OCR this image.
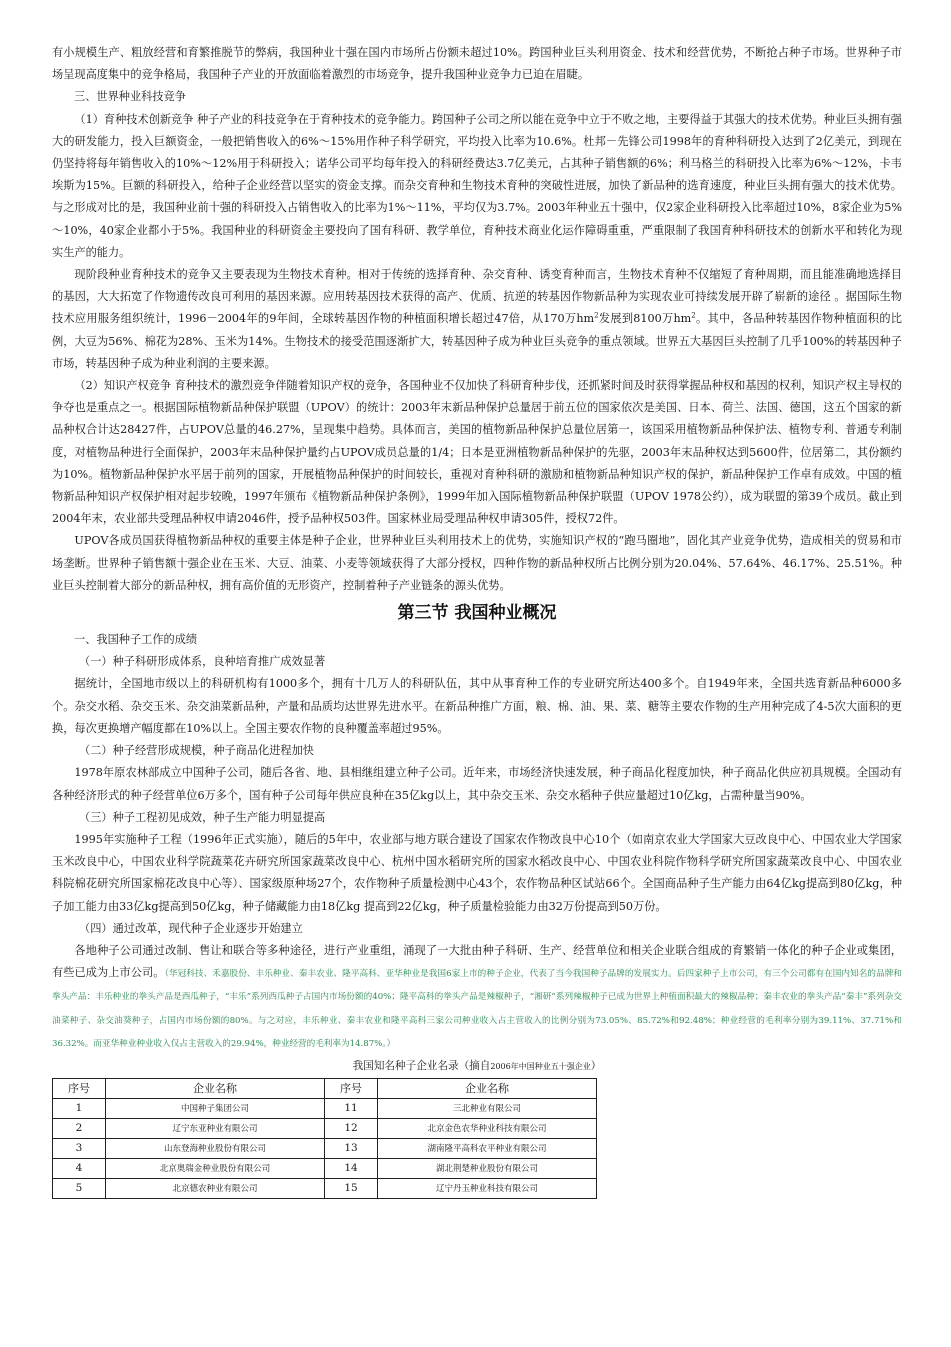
有小规模生产、粗放经营和育繁推脱节的弊病，我国种业十强在国内市场所占份额未超过10%。跨国种业巨头利用资金、技术和经营优势，不断抢占种子市场。世界种子市场呈现高度集中的竞争格局，我国种子产业的开放面临着激烈的市场竞争，提升我国种业竞争力已迫在眉睫。

三、世界种业科技竞争

（1）育种技术创新竞争 种子产业的科技竞争在于育种技术的竞争能力。跨国种子公司之所以能在竞争中立于不败之地，主要得益于其强大的技术优势。种业巨头拥有强大的研发能力，投入巨额资金，一般把销售收入的6%～15%用作种子科学研究，平均投入比率为10.6%。杜邦－先锋公司1998年的育种科研投入达到了2亿美元，到现在仍坚持将每年销售收入的10%～12%用于科研投入；诺华公司平均每年投入的科研经费达3.7亿美元，占其种子销售额的6%；利马格兰的科研投入比率为6%～12%，卡韦埃斯为15%。巨额的科研投入，给种子企业经营以坚实的资金支撑。而杂交育种和生物技术育种的突破性进展，加快了新品种的选育速度，种业巨头拥有强大的技术优势。与之形成对比的是，我国种业前十强的科研投入占销售收入的比率为1%～11%，平均仅为3.7%。2003年种业五十强中，仅2家企业科研投入比率超过10%，8家企业为5%～10%，40家企业都小于5%。我国种业的科研资金主要投向了国有科研、教学单位，育种技术商业化运作障碍重重，严重限制了我国育种科研技术的创新水平和转化为现实生产的能力。

现阶段种业育种技术的竞争又主要表现为生物技术育种。相对于传统的选择育种、杂交育种、诱变育种而言，生物技术育种不仅缩短了育种周期，而且能准确地选择目的基因，大大拓宽了作物遗传改良可利用的基因来源。应用转基因技术获得的高产、优质、抗逆的转基因作物新品种为实现农业可持续发展开辟了崭新的途径 。据国际生物技术应用服务组织统计，1996－2004年的9年间，全球转基因作物的种植面积增长超过47倍，从170万$hm^2$发展到8100万$hm^2$。其中，各品种转基因作物种植面积的比例，大豆为56%、棉花为28%、玉米为14%。生物技术的接受范围逐渐扩大，转基因种子成为种业巨头竞争的重点领域。世界五大基因巨头控制了几乎100%的转基因种子市场，转基因种子成为种业利润的主要来源。

（2）知识产权竞争 育种技术的激烈竞争伴随着知识产权的竞争，各国种业不仅加快了科研育种步伐，还抓紧时间及时获得掌握品种权和基因的权利，知识产权主导权的争夺也是重点之一。根据国际植物新品种保护联盟（UPOV）的统计：2003年末新品种保护总量居于前五位的国家依次是美国、日本、荷兰、法国、德国，这五个国家的新品种权合计达28427件，占UPOV总量的46.27%，呈现集中趋势。具体而言，美国的植物新品种保护总量位居第一，该国采用植物新品种保护法、植物专利、普通专利制度，对植物品种进行全面保护，2003年末品种保护量约占UPOV成员总量的1/4；日本是亚洲植物新品种保护的先驱，2003年末品种权达到5600件，位居第二，其份额约为10%。植物新品种保护水平居于前列的国家，开展植物品种保护的时间较长，重视对育种科研的激励和植物新品种知识产权的保护，新品种保护工作卓有成效。中国的植物新品种知识产权保护相对起步较晚，1997年颁布《植物新品种保护条例》，1999年加入国际植物新品种保护联盟（UPOV 1978公约），成为联盟的第39个成员。截止到2004年末，农业部共受理品种权申请2046件，授予品种权503件。国家林业局受理品种权申请305件，授权72件。

UPOV各成员国获得植物新品种权的重要主体是种子企业，世界种业巨头利用技术上的优势，实施知识产权的“跑马圈地”，固化其产业竞争优势，造成相关的贸易和市场垄断。世界种子销售额十强企业在玉米、大豆、油菜、小麦等领域获得了大部分授权，四种作物的新品种权所占比例分别为20.04%、57.64%、46.17%、25.51%。种业巨头控制着大部分的新品种权，拥有高价值的无形资产，控制着种子产业链条的源头优势。

第三节 我国种业概况

一、我国种子工作的成绩

（一）种子科研形成体系，良种培育推广成效显著

据统计，全国地市级以上的科研机构有1000多个，拥有十几万人的科研队伍，其中从事育种工作的专业研究所达400多个。自1949年来，全国共选育新品种6000多个。杂交水稻、杂交玉米、杂交油菜新品种，产量和品质均达世界先进水平。在新品种推广方面，粮、棉、油、果、菜、糖等主要农作物的生产用种完成了4-5次大面积的更换，每次更换增产幅度都在10%以上。全国主要农作物的良种覆盖率超过95%。

（二）种子经营形成规模，种子商品化进程加快

1978年原农林部成立中国种子公司，随后各省、地、县相继组建立种子公司。近年来，市场经济快速发展，种子商品化程度加快，种子商品化供应初具规模。全国动有各种经济形式的种子经营单位6万多个，国有种子公司每年供应良种在35亿kg以上，其中杂交玉米、杂交水稻种子供应量超过10亿kg，占需种量当90%。

（三）种子工程初见成效，种子生产能力明显提高

1995年实施种子工程（1996年正式实施），随后的5年中，农业部与地方联合建设了国家农作物改良中心10个（如南京农业大学国家大豆改良中心、中国农业大学国家玉米改良中心，中国农业科学院蔬菜花卉研究所国家蔬菜改良中心、杭州中国水稻研究所的国家水稻改良中心、中国农业科院作物科学研究所国家蔬菜改良中心、中国农业科院棉花研究所国家棉花改良中心等）、国家级原种场27个，农作物种子质量检测中心43个，农作物品种区试站66个。全国商品种子生产能力由64亿kg提高到80亿kg，种子加工能力由33亿kg提高到50亿kg，种子储藏能力由18亿kg 提高到22亿kg，种子质量检验能力由32万份提高到50万份。

（四）通过改革，现代种子企业逐步开始建立

各地种子公司通过改制、售让和联合等多种途径，进行产业重组，涌现了一大批由种子科研、生产、经营单位和相关企业联合组成的育繁销一体化的种子企业或集团，有些已成为上市公司。（华冠科技、禾嘉股份、丰乐种业、秦丰农业、隆平高科、亚华种业是我国6家上市的种子企业，代表了当今我国种子品牌的发展实力。后四家种子上市公司，有三个公司都有在国内知名的品牌和拳头产品：丰乐种业的拳头产品是西瓜种子，“丰乐”系列西瓜种子占国内市场份额的40%；隆平高科的拳头产品是辣椒种子，“湘研”系列辣椒种子已成为世界上种植面积最大的辣椒品种；秦丰农业的拳头产品“秦丰”系列杂交油菜种子、杂交油葵种子，占国内市场份额的80%。与之对应，丰乐种业、秦丰农业和隆平高科三家公司种业收入占主营收入的比例分别为73.05%、85.72%和92.48%；种业经营的毛利率分别为39.11%、37.71%和36.32%。而亚华种业种业收入仅占主营收入的29.94%，种业经营的毛利率为14.87%。）

我国知名种子企业名录（摘自2006年中国种业五十强企业）
序号	企业名称	序号	企业名称
1	中国种子集团公司	11	三北种业有限公司
2	辽宁东亚种业有限公司	12	北京金色农华种业科技有限公司
3	山东登海种业股份有限公司	13	湖南隆平高科农平种业有限公司
4	北京奥瑞金种业股份有限公司	14	湖北荆楚种业股份有限公司
5	北京德农种业有限公司	15	辽宁丹玉种业科技有限公司
